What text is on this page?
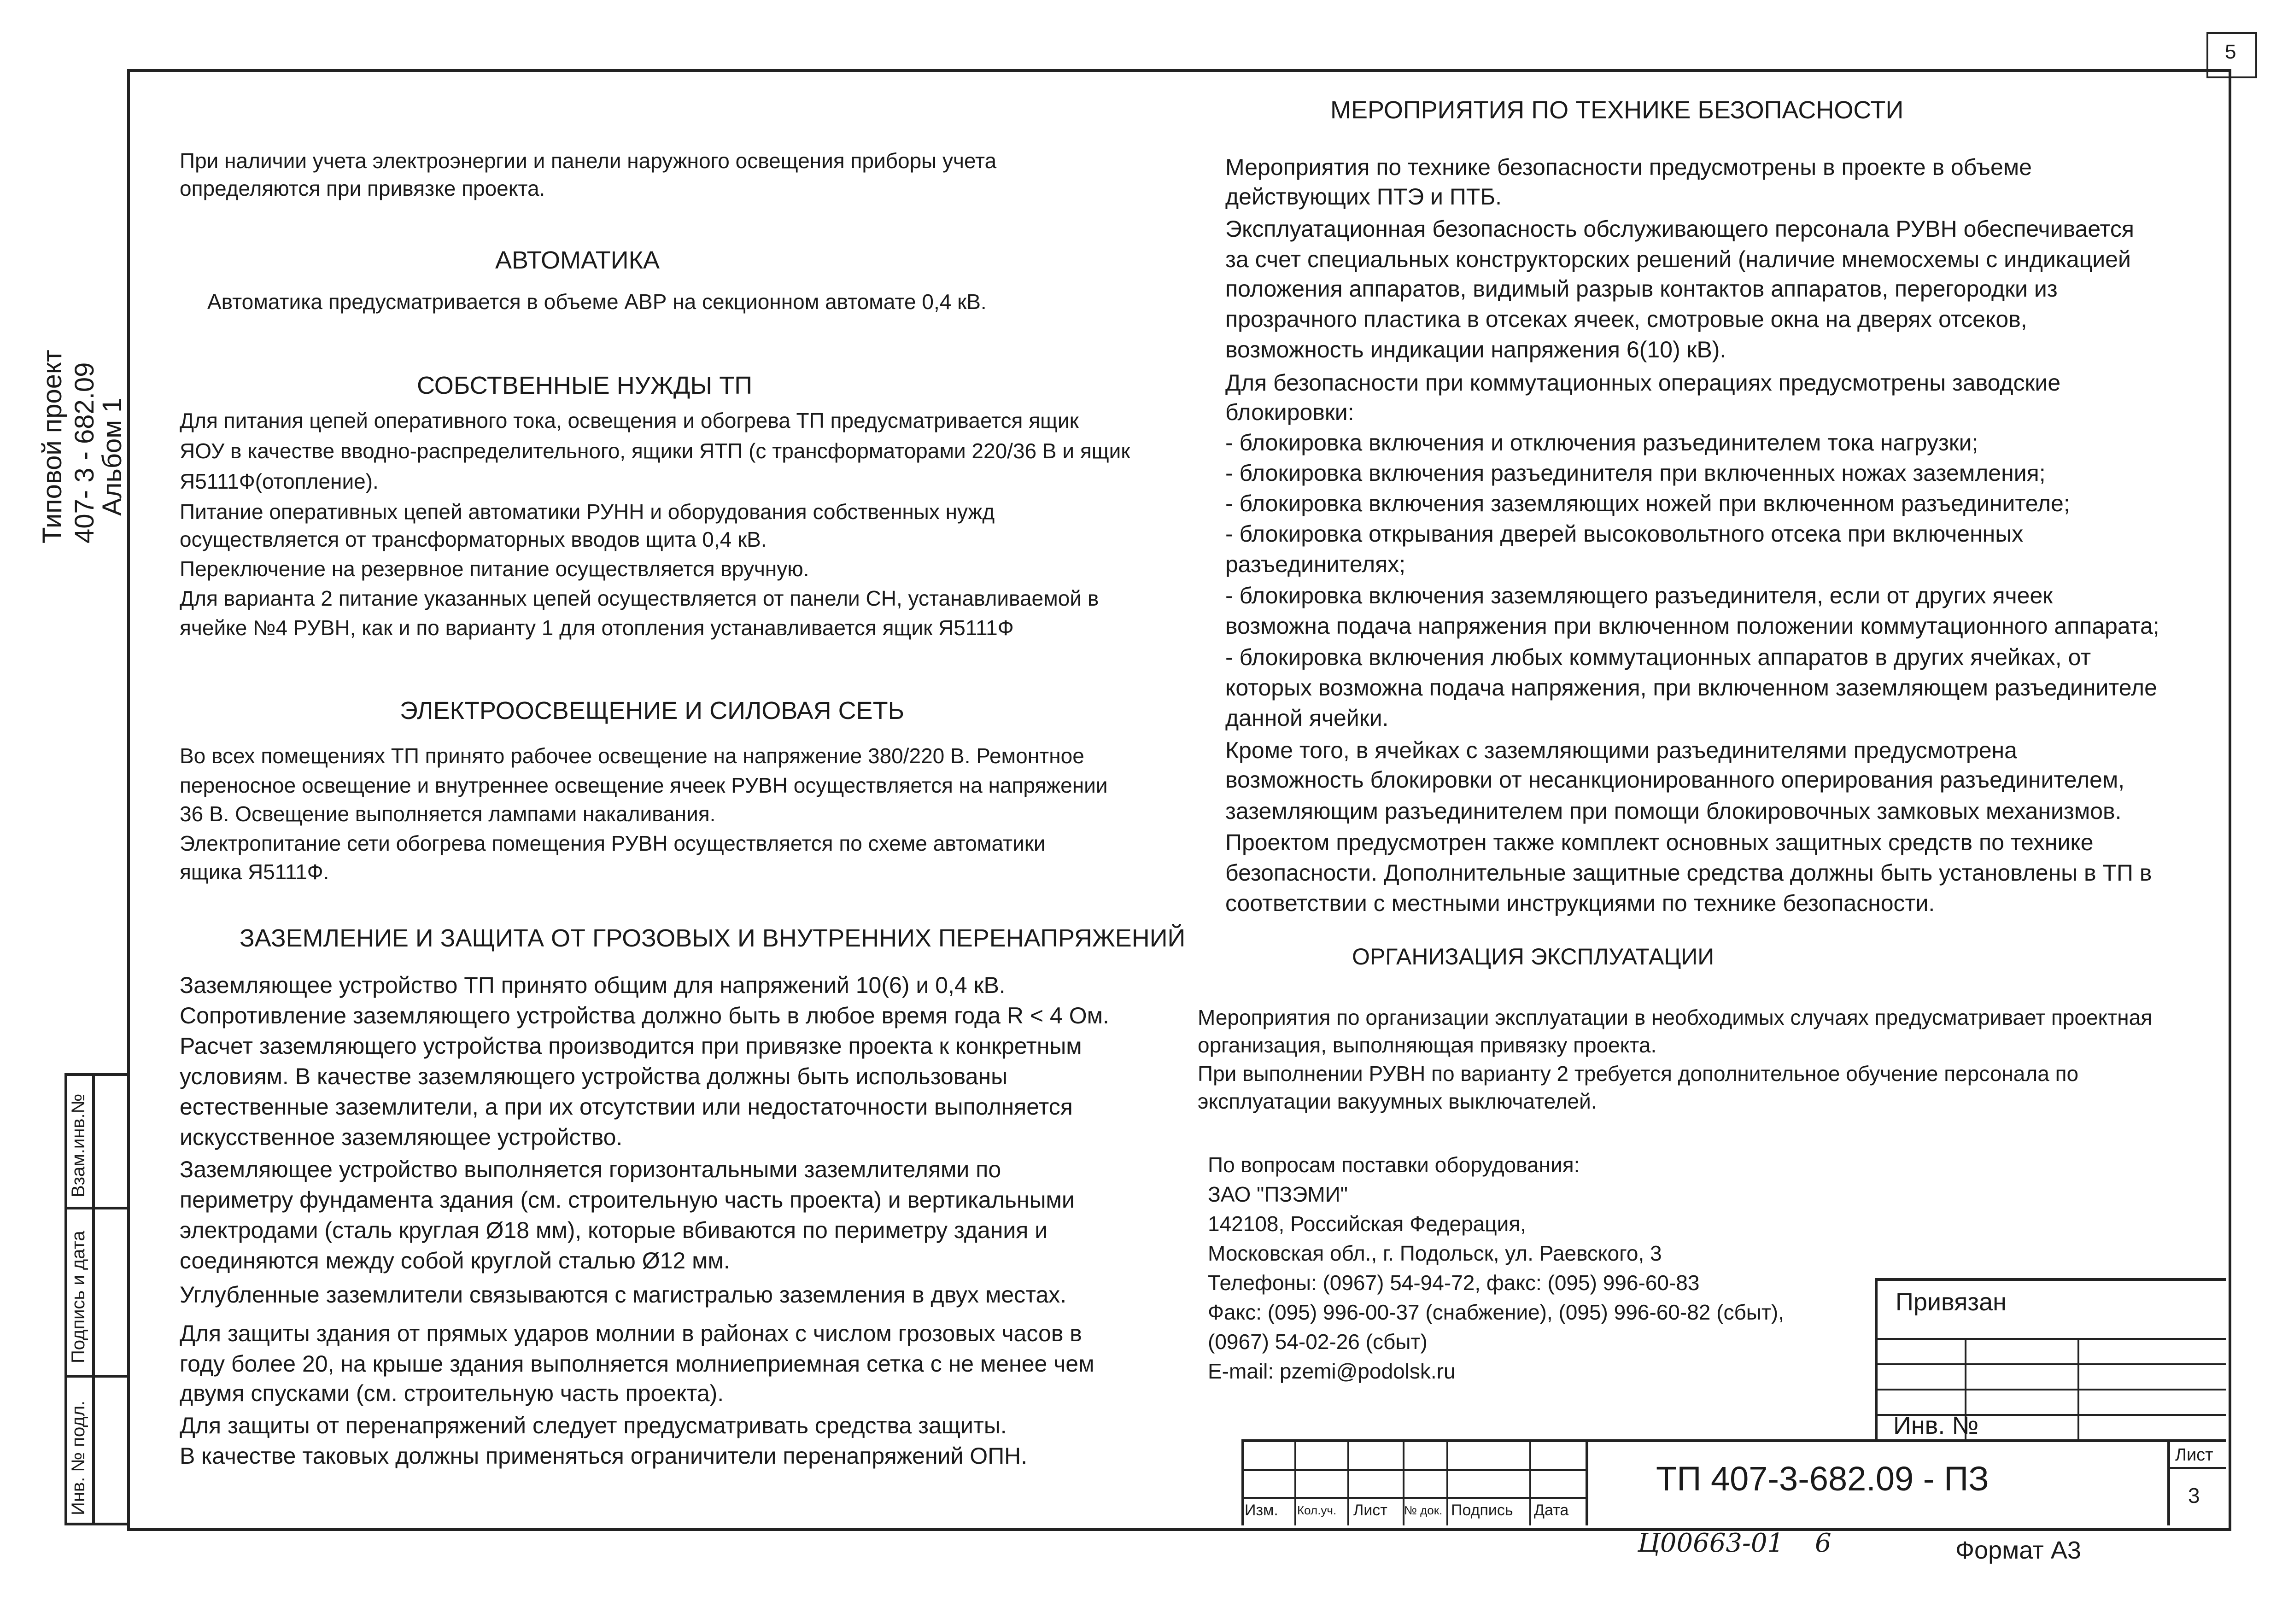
5
Типовой проект 407- 3 - 682.09
Альбом 1
Инв. № подл.
Подпись и дата
Взам.инв.№
При наличии учета электроэнергии и панели наружного освещения приборы учета
определяются при привязке проекта.
АВТОМАТИКА
Автоматика предусматривается в объеме АВР на секционном автомате 0,4 кВ.
СОБСТВЕННЫЕ НУЖДЫ ТП
Для питания цепей оперативного тока, освещения и обогрева ТП предусматривается ящик
ЯОУ в качестве вводно-распределительного, ящики ЯТП (с трансформаторами 220/36 В и ящик
Я5111Ф(отопление).
Питание оперативных цепей автоматики РУНН и оборудования собственных нужд
осуществляется от трансформаторных вводов щита 0,4 кВ.
Переключение на резервное питание осуществляется вручную.
Для варианта 2 питание указанных цепей осуществляется от панели СН, устанавливаемой в
ячейке №4 РУВН, как и по варианту 1 для отопления устанавливается ящик Я5111Ф
ЭЛЕКТРООСВЕЩЕНИЕ И СИЛОВАЯ СЕТЬ
Во всех помещениях ТП принято рабочее освещение на напряжение 380/220 В. Ремонтное
переносное освещение и внутреннее освещение ячеек РУВН осуществляется на напряжении
36 В. Освещение выполняется лампами накаливания.
Электропитание сети обогрева помещения РУВН осуществляется по схеме автоматики
ящика Я5111Ф.
ЗАЗЕМЛЕНИЕ И ЗАЩИТА ОТ ГРОЗОВЫХ И ВНУТРЕННИХ ПЕРЕНАПРЯЖЕНИЙ
Заземляющее устройство ТП принято общим для напряжений 10(6) и 0,4 кВ.
Сопротивление заземляющего устройства должно быть в любое время года R < 4 Ом.
Расчет заземляющего устройства производится при привязке проекта к конкретным
условиям. В качестве заземляющего устройства должны быть использованы
естественные заземлители, а при их отсутствии или недостаточности выполняется
искусственное заземляющее устройство.
Заземляющее устройство выполняется горизонтальными заземлителями по
периметру фундамента здания (см. строительную часть проекта) и вертикальными
электродами (сталь круглая Ø18 мм), которые вбиваются по периметру здания и
соединяются между собой круглой сталью Ø12 мм.
Углубленные заземлители связываются с магистралью заземления в двух местах.
Для защиты здания от прямых ударов молнии в районах с числом грозовых часов в
году более 20, на крыше здания выполняется молниеприемная сетка с не менее чем
двумя спусками (см. строительную часть проекта).
Для защиты от перенапряжений следует предусматривать средства защиты.
В качестве таковых должны применяться ограничители перенапряжений ОПН.
МЕРОПРИЯТИЯ ПО ТЕХНИКЕ БЕЗОПАСНОСТИ
Мероприятия по технике безопасности предусмотрены в проекте в объеме
действующих ПТЭ и ПТБ.
Эксплуатационная безопасность обслуживающего персонала РУВН обеспечивается
за счет специальных конструкторских решений (наличие мнемосхемы с индикацией
положения аппаратов, видимый разрыв контактов аппаратов, перегородки из
прозрачного пластика в отсеках ячеек, смотровые окна на дверях отсеков,
возможность индикации напряжения 6(10) кВ).
Для безопасности при коммутационных операциях предусмотрены заводские
блокировки:
- блокировка включения и отключения разъединителем тока нагрузки;
- блокировка включения разъединителя при включенных ножах заземления;
- блокировка включения заземляющих ножей при включенном разъединителе;
- блокировка открывания дверей высоковольтного отсека при включенных
разъединителях;
- блокировка включения заземляющего разъединителя, если от других ячеек
возможна подача напряжения при включенном положении коммутационного аппарата;
- блокировка включения любых коммутационных аппаратов в других ячейках, от
которых возможна подача напряжения, при включенном заземляющем разъединителе
данной ячейки.
Кроме того, в ячейках с заземляющими разъединителями предусмотрена
возможность блокировки от несанкционированного оперирования разъединителем,
заземляющим разъединителем при помощи блокировочных замковых механизмов.
Проектом предусмотрен также комплект основных защитных средств по технике
безопасности. Дополнительные защитные средства должны быть установлены в ТП в
соответствии с местными инструкциями по технике безопасности.
ОРГАНИЗАЦИЯ ЭКСПЛУАТАЦИИ
Мероприятия по организации эксплуатации в необходимых случаях предусматривает проектная
организация, выполняющая привязку проекта.
При выполнении РУВН по варианту 2 требуется дополнительное обучение персонала по
эксплуатации вакуумных выключателей.
По вопросам поставки оборудования:
ЗАО "ПЗЭМИ"
142108, Российская Федерация,
Московская обл., г. Подольск, ул. Раевского, 3
Телефоны: (0967) 54-94-72, факс: (095) 996-60-83
Факс: (095) 996-00-37 (снабжение), (095) 996-60-82 (сбыт),
(0967) 54-02-26 (сбыт)
E-mail: pzemi@podolsk.ru
Привязан
Инв. №
Изм. Кол.уч. Лист № док. Подпись Дата
ТП 407-3-682.09 - ПЗ
Лист
3
Ц00663-01 6	Формат А3
